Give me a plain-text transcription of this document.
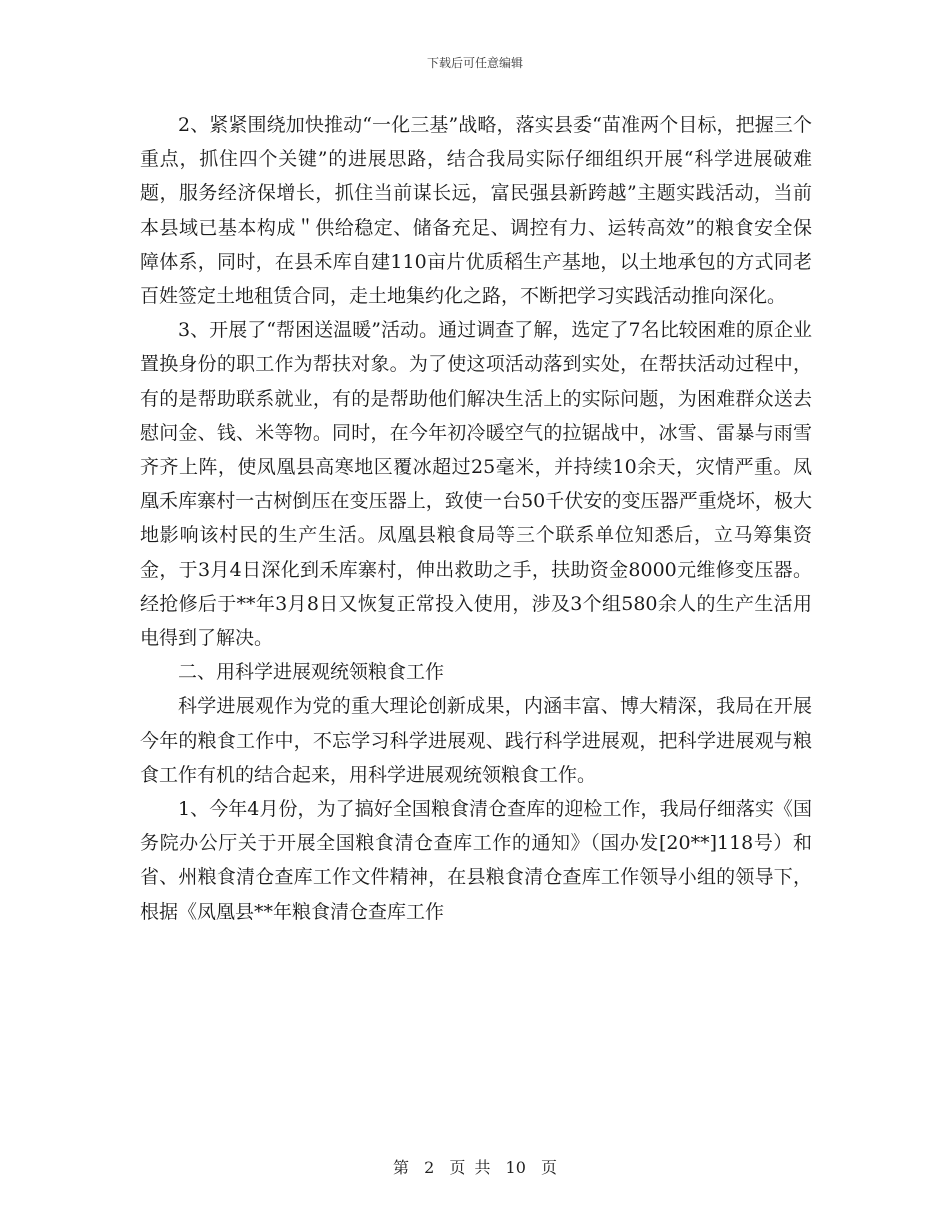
下载后可任意编辑

2、紧紧围绕加快推动“一化三基”战略，落实县委“苗准两个目标，把握三个重点，抓住四个关键”的进展思路，结合我局实际仔细组织开展“科学进展破难题，服务经济保增长，抓住当前谋长远，富民强县新跨越”主题实践活动，当前本县域已基本构成＂供给稳定、储备充足、调控有力、运转高效”的粮食安全保障体系，同时，在县禾库自建110亩片优质稻生产基地，以土地承包的方式同老百姓签定土地租赁合同，走土地集约化之路，不断把学习实践活动推向深化。

3、开展了“帮困送温暖”活动。通过调查了解，选定了7名比较困难的原企业置换身份的职工作为帮扶对象。为了使这项活动落到实处，在帮扶活动过程中，有的是帮助联系就业，有的是帮助他们解决生活上的实际问题，为困难群众送去慰问金、钱、米等物。同时，在今年初冷暖空气的拉锯战中，冰雪、雷暴与雨雪齐齐上阵，使凤凰县高寒地区覆冰超过25毫米，并持续10余天，灾情严重。凤凰禾库寨村一古树倒压在变压器上，致使一台50千伏安的变压器严重烧坏，极大地影响该村民的生产生活。凤凰县粮食局等三个联系单位知悉后，立马筹集资金，于3月4日深化到禾库寨村，伸出救助之手，扶助资金8000元维修变压器。经抢修后于**年3月8日又恢复正常投入使用，涉及3个组580余人的生产生活用电得到了解决。

二、用科学进展观统领粮食工作

科学进展观作为党的重大理论创新成果，内涵丰富、博大精深，我局在开展今年的粮食工作中，不忘学习科学进展观、践行科学进展观，把科学进展观与粮食工作有机的结合起来，用科学进展观统领粮食工作。

1、今年4月份，为了搞好全国粮食清仓查库的迎检工作，我局仔细落实《国务院办公厅关于开展全国粮食清仓查库工作的通知》（国办发[20**]118号）和省、州粮食清仓查库工作文件精神，在县粮食清仓查库工作领导小组的领导下，根据《凤凰县**年粮食清仓查库工作

第 2 页 共 10 页
